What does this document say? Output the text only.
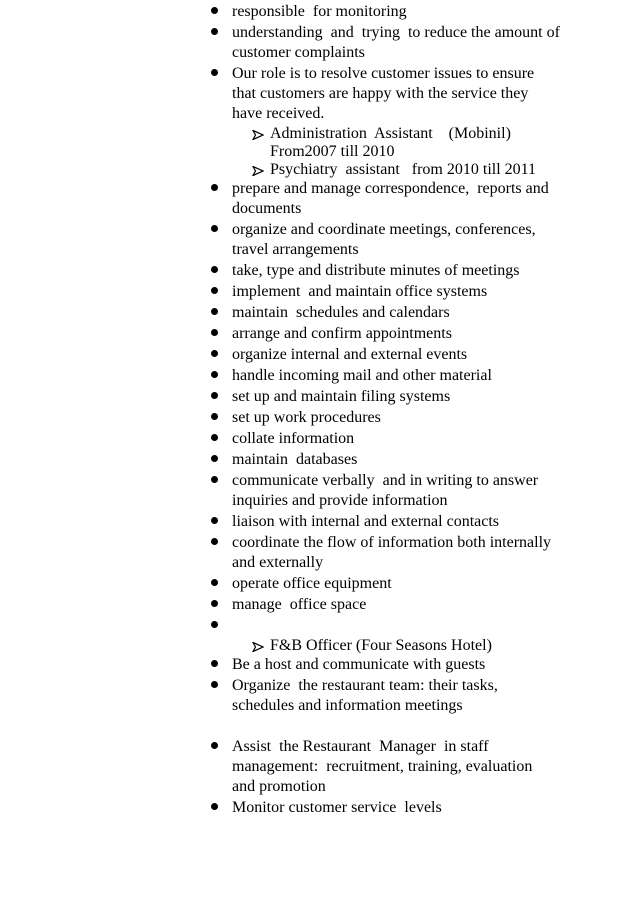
responsible  for monitoring
understanding  and  trying  to reduce the amount of
customer complaints
Our role is to resolve customer issues to ensure
that customers are happy with the service they
have received.
Administration  Assistant    (Mobinil)
From2007 till 2010
Psychiatry  assistant   from 2010 till 2011
prepare and manage correspondence,  reports and
documents
organize and coordinate meetings, conferences,
travel arrangements
take, type and distribute minutes of meetings
implement  and maintain office systems
maintain  schedules and calendars
arrange and confirm appointments
organize internal and external events
handle incoming mail and other material
set up and maintain filing systems
set up work procedures
collate information
maintain  databases
communicate verbally  and in writing to answer
inquiries and provide information
liaison with internal and external contacts
coordinate the flow of information both internally
and externally
operate office equipment
manage  office space

F&B Officer (Four Seasons Hotel)
Be a host and communicate with guests
Organize  the restaurant team: their tasks,
schedules and information meetings
Assist  the Restaurant  Manager  in staff
management:  recruitment, training, evaluation
and promotion
Monitor customer service  levels
